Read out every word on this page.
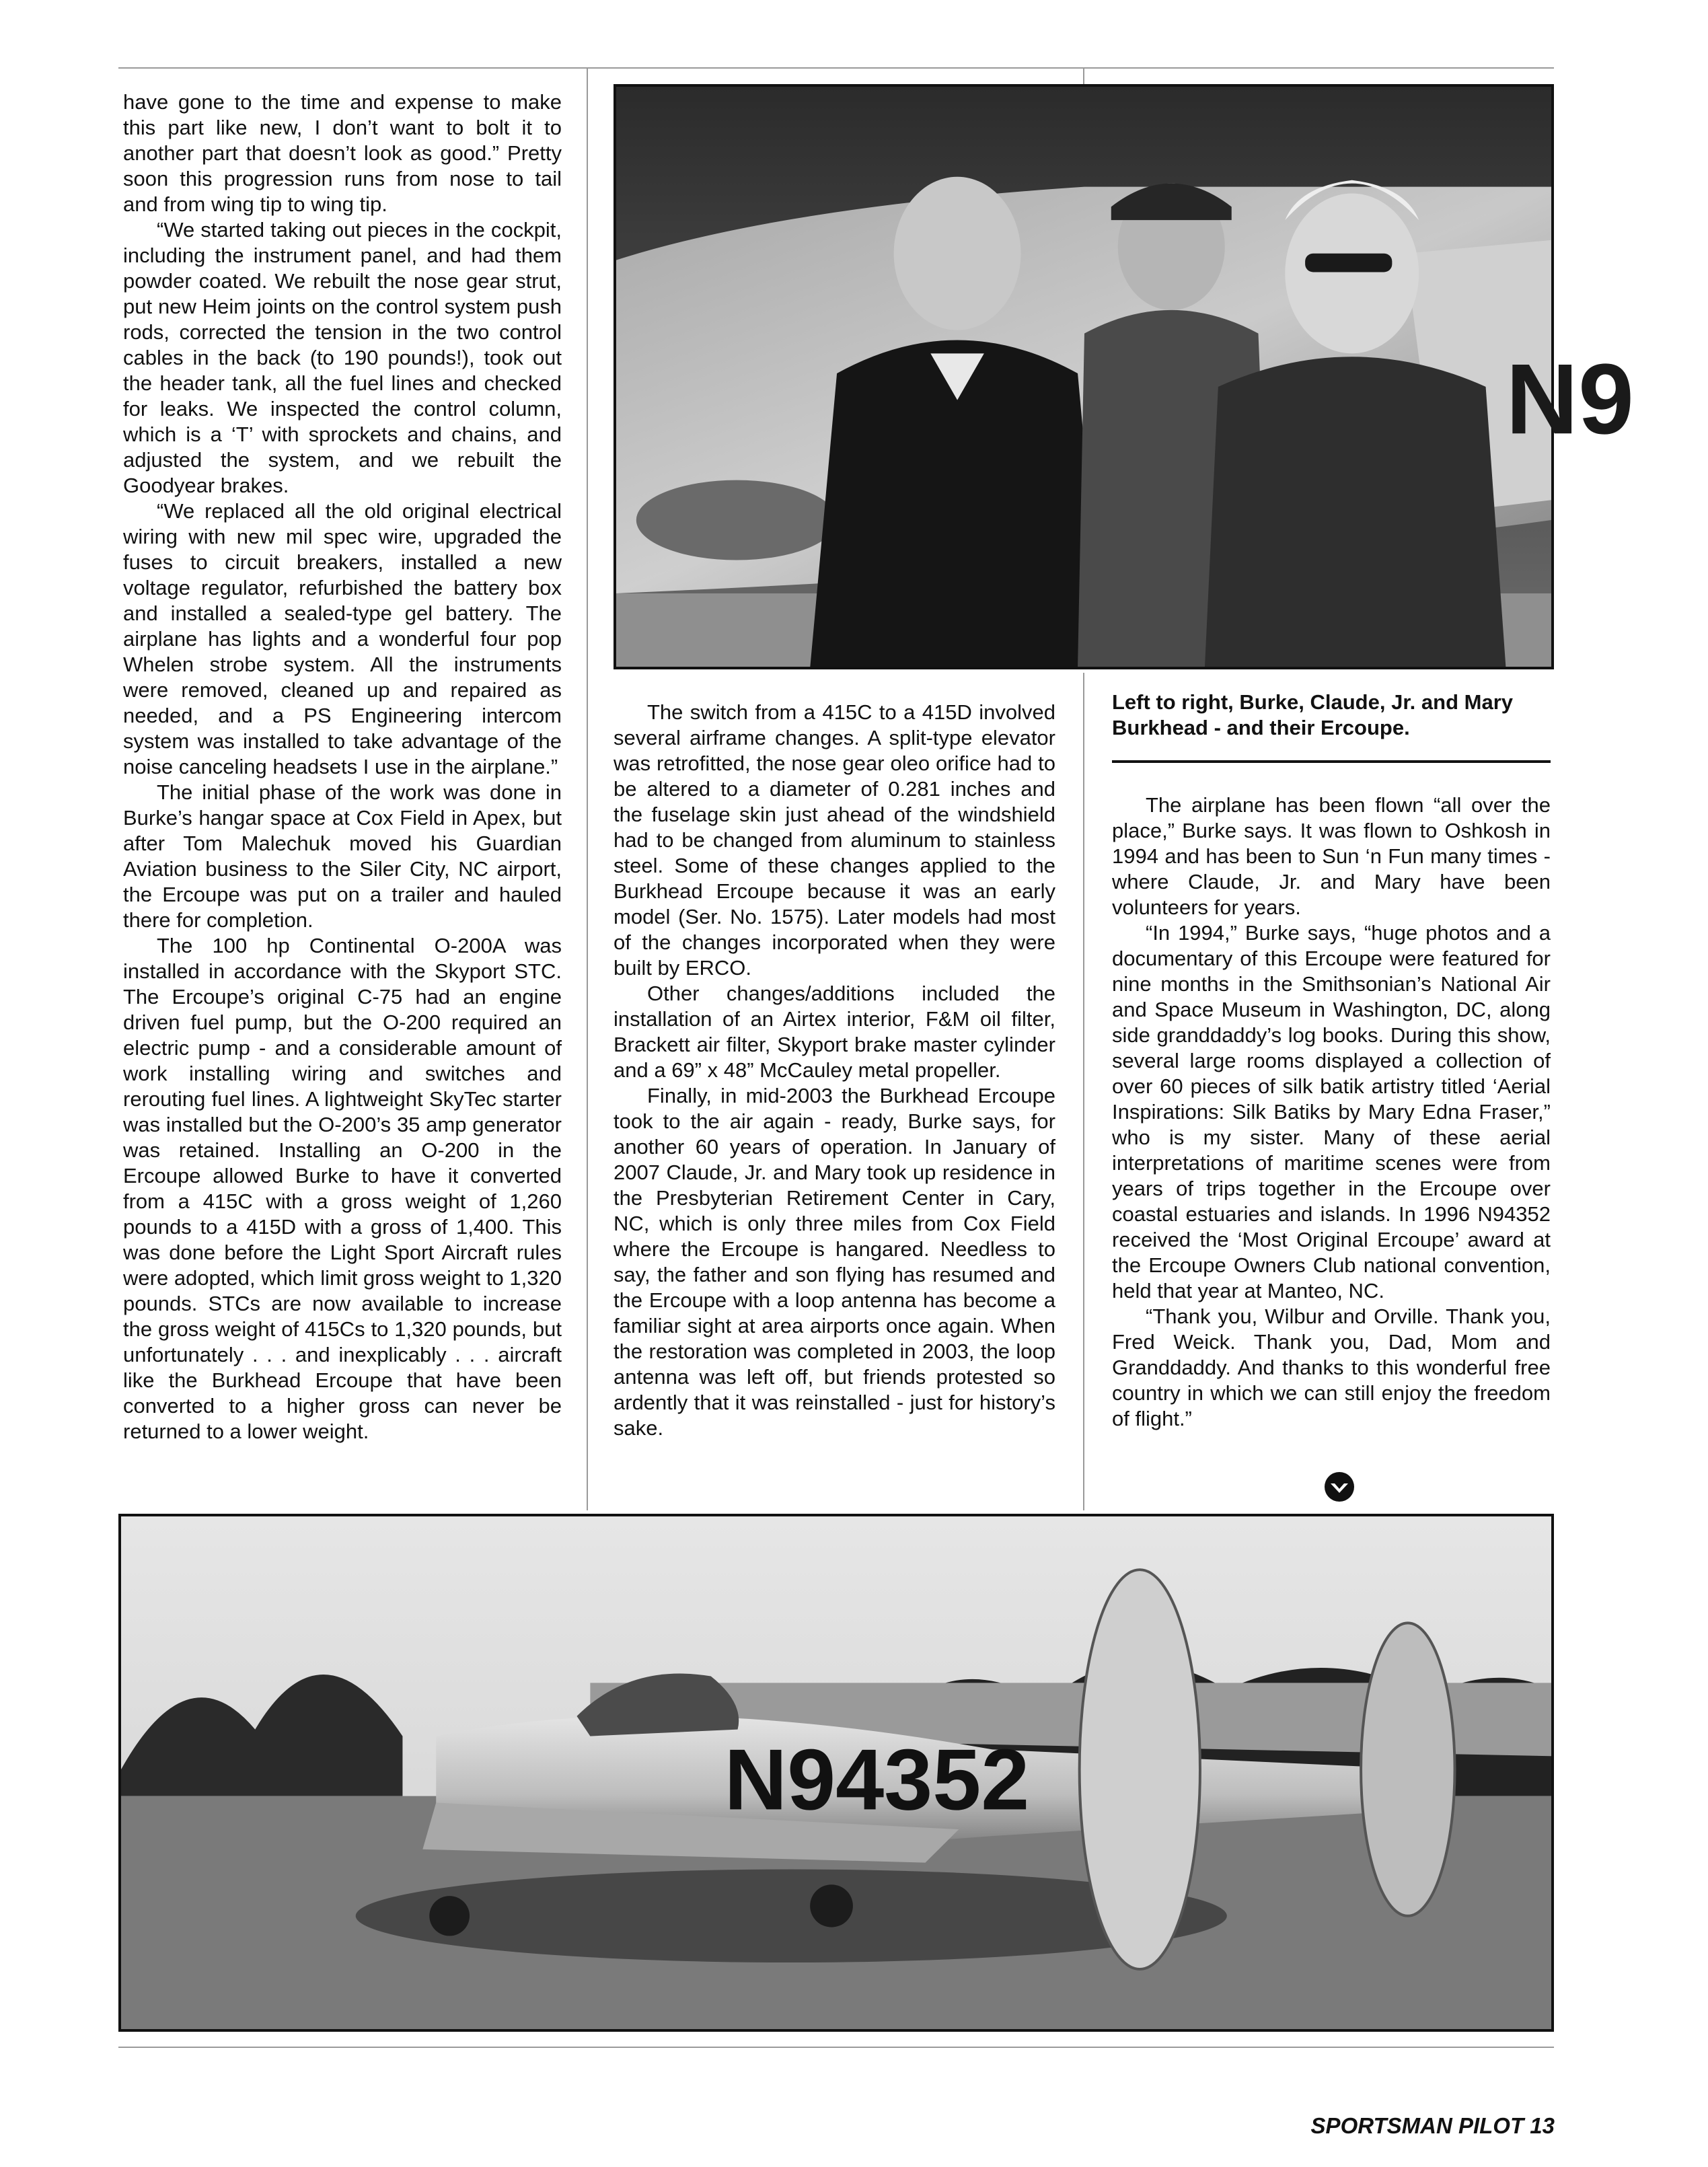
have gone to the time and expense to make this part like new, I don’t want to bolt it to another part that doesn’t look as good.” Pretty soon this progression runs from nose to tail and from wing tip to wing tip.

“We started taking out pieces in the cockpit, including the instrument panel, and had them powder coated. We rebuilt the nose gear strut, put new Heim joints on the control system push rods, corrected the tension in the two control cables in the back (to 190 pounds!), took out the header tank, all the fuel lines and checked for leaks. We inspected the control column, which is a ‘T’ with sprockets and chains, and adjusted the system, and we rebuilt the Goodyear brakes.

“We replaced all the old original electrical wiring with new mil spec wire, upgraded the fuses to circuit breakers, installed a new voltage regulator, refurbished the battery box and installed a sealed-type gel battery. The airplane has lights and a wonderful four pop Whelen strobe system. All the instruments were removed, cleaned up and repaired as needed, and a PS Engineering intercom system was installed to take advantage of the noise canceling headsets I use in the airplane.”

The initial phase of the work was done in Burke’s hangar space at Cox Field in Apex, but after Tom Malechuk moved his Guardian Aviation business to the Siler City, NC airport, the Ercoupe was put on a trailer and hauled there for completion.

The 100 hp Continental O-200A was installed in accordance with the Skyport STC. The Ercoupe’s original C-75 had an engine driven fuel pump, but the O-200 required an electric pump - and a considerable amount of work installing wiring and switches and rerouting fuel lines. A lightweight SkyTec starter was installed but the O-200’s 35 amp generator was retained. Installing an O-200 in the Ercoupe allowed Burke to have it converted from a 415C with a gross weight of 1,260 pounds to a 415D with a gross of 1,400. This was done before the Light Sport Aircraft rules were adopted, which limit gross weight to 1,320 pounds. STCs are now available to increase the gross weight of 415Cs to 1,320 pounds, but unfortunately . . . and inexplicably . . . aircraft like the Burkhead Ercoupe that have been converted to a higher gross can never be returned to a lower weight.

N9
Left to right, Burke, Claude, Jr. and Mary Burkhead - and their Ercoupe.

The switch from a 415C to a 415D involved several airframe changes. A split-type elevator was retrofitted, the nose gear oleo orifice had to be altered to a diameter of 0.281 inches and the fuselage skin just ahead of the windshield had to be changed from aluminum to stainless steel. Some of these changes applied to the Burkhead Ercoupe because it was an early model (Ser. No. 1575). Later models had most of the changes incorporated when they were built by ERCO.

Other changes/additions included the installation of an Airtex interior, F&M oil filter, Brackett air filter, Skyport brake master cylinder and a 69” x 48” McCauley metal propeller.

Finally, in mid-2003 the Burkhead Ercoupe took to the air again - ready, Burke says, for another 60 years of operation. In January of 2007 Claude, Jr. and Mary took up residence in the Presbyterian Retirement Center in Cary, NC, which is only three miles from Cox Field where the Ercoupe is hangared. Needless to say, the father and son flying has resumed and the Ercoupe with a loop antenna has become a familiar sight at area airports once again. When the restoration was completed in 2003, the loop antenna was left off, but friends protested so ardently that it was reinstalled - just for history’s sake.

The airplane has been flown “all over the place,” Burke says. It was flown to Oshkosh in 1994 and has been to Sun ‘n Fun many times - where Claude, Jr. and Mary have been volunteers for years.

“In 1994,” Burke says, “huge photos and a documentary of this Ercoupe were featured for nine months in the Smithsonian’s National Air and Space Museum in Washington, DC, along side granddaddy’s log books. During this show, several large rooms displayed a collection of over 60 pieces of silk batik artistry titled ‘Aerial Inspirations: Silk Batiks by Mary Edna Fraser,” who is my sister. Many of these aerial interpretations of maritime scenes were from years of trips together in the Ercoupe over coastal estuaries and islands. In 1996 N94352 received the ‘Most Original Ercoupe’ award at the Ercoupe Owners Club national convention, held that year at Manteo, NC.

“Thank you, Wilbur and Orville. Thank you, Fred Weick. Thank you, Dad, Mom and Granddaddy. And thanks to this wonderful free country in which we can still enjoy the freedom of flight.”

N94352
SPORTSMAN PILOT 13
